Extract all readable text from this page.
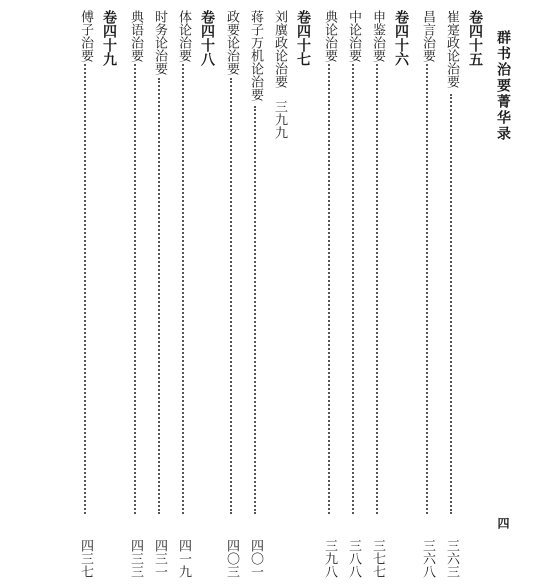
群书治要菁华录
四
卷四十五
崔寔政论治要
三六三
昌言治要
三六八
卷四十六
申鉴治要
三七七
中论治要
三八八
典论治要
三九八
卷四十七
刘廙政论治要
三九九
蒋子万机论治要
四〇一
政要论治要
四〇三
卷四十八
体论治要
四一九
时务论治要
四三一
典语治要
四三三
卷四十九
傅子治要
四三七
